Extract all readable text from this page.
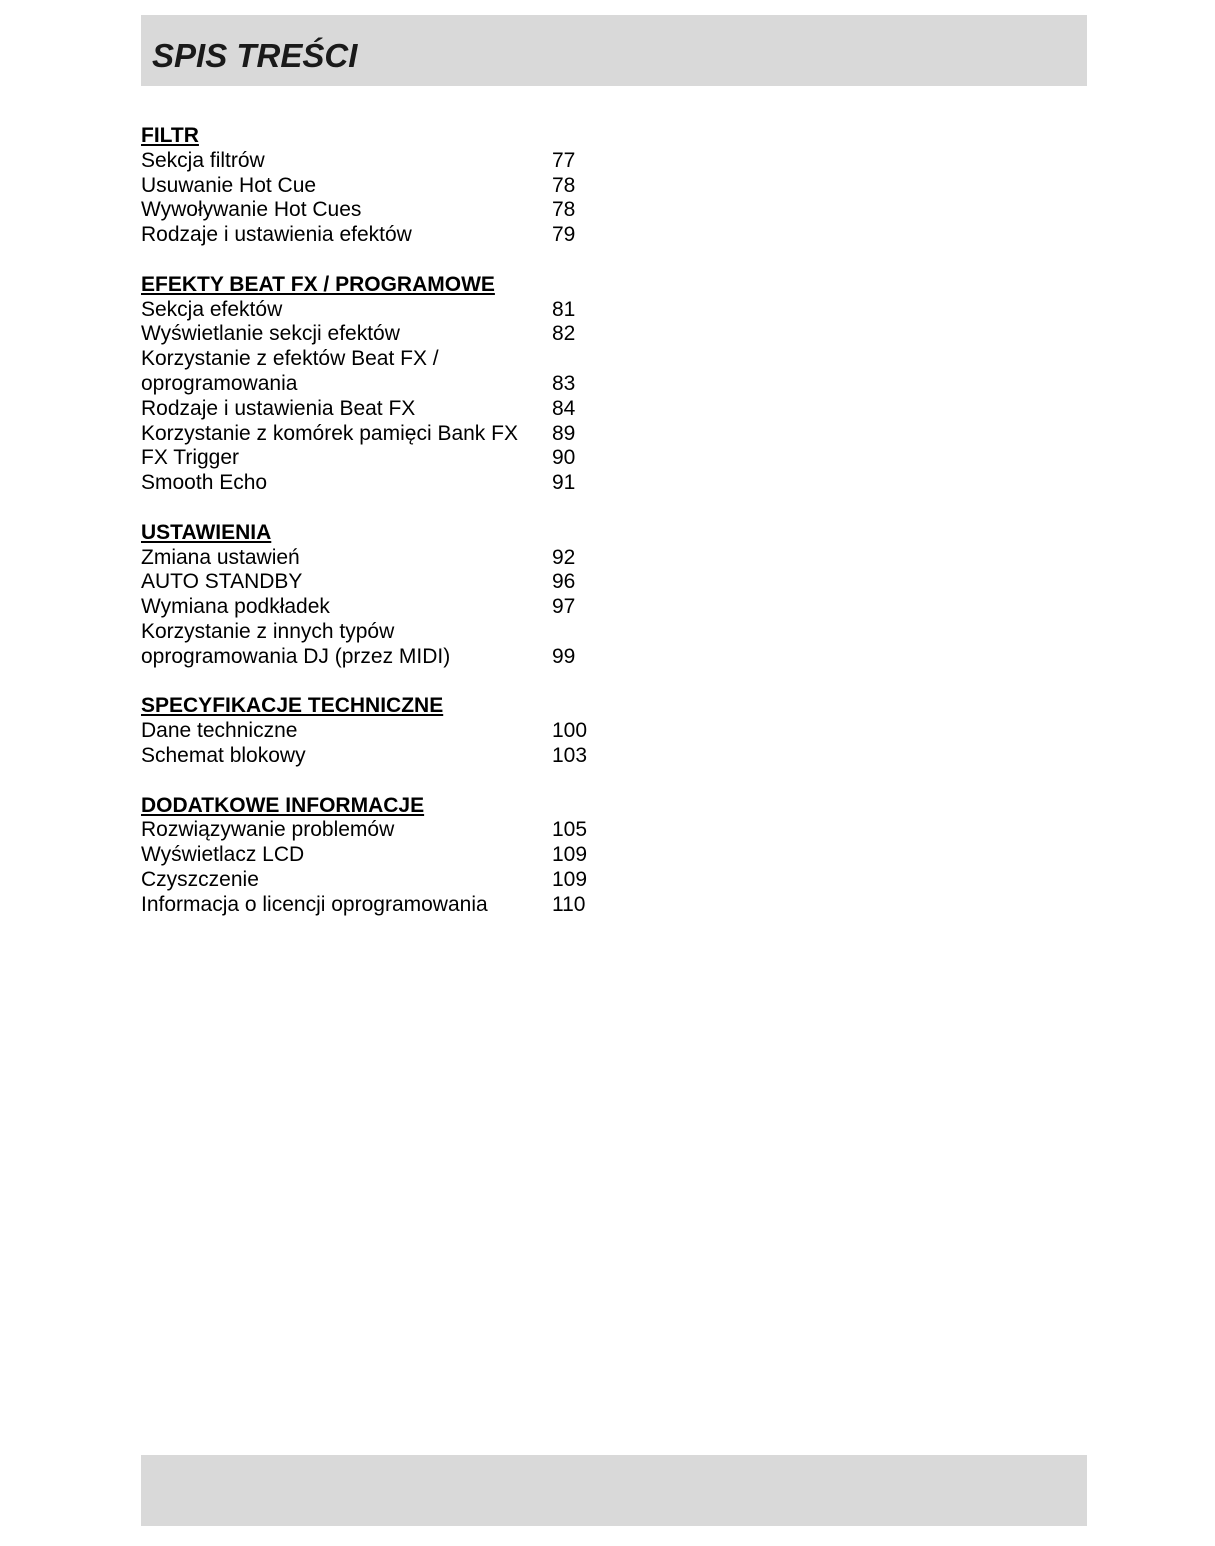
SPIS TREŚCI
FILTR
Sekcja filtrów	77
Usuwanie Hot Cue	78
Wywoływanie Hot Cues	78
Rodzaje i ustawienia efektów	79
EFEKTY BEAT FX / PROGRAMOWE
Sekcja efektów	81
Wyświetlanie sekcji efektów	82
Korzystanie z efektów Beat FX /
oprogramowania	83
Rodzaje i ustawienia Beat FX	84
Korzystanie z komórek pamięci Bank FX	89
FX Trigger	90
Smooth Echo	91
USTAWIENIA
Zmiana ustawień	92
AUTO STANDBY	96
Wymiana podkładek	97
Korzystanie z innych typów
oprogramowania DJ (przez MIDI)	99
SPECYFIKACJE TECHNICZNE
Dane techniczne	100
Schemat blokowy	103
DODATKOWE INFORMACJE
Rozwiązywanie problemów	105
Wyświetlacz LCD	109
Czyszczenie	109
Informacja o licencji oprogramowania	110
